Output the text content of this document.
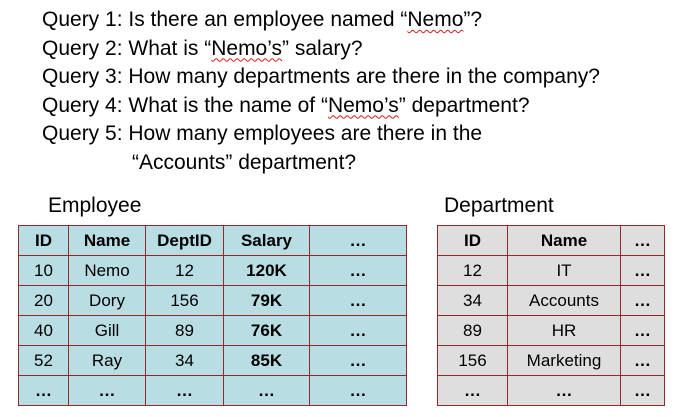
Query 1: Is there an employee named “Nemo”?
Query 2: What is “Nemo’s” salary?
Query 3: How many departments are there in the company?
Query 4: What is the name of “Nemo’s” department?
Query 5: How many employees are there in the
“Accounts” department?
Employee	Department
ID	Name	DeptID	Salary	…
10	Nemo	12	120K	…
20	Dory	156	79K	…
40	Gill	89	76K	…
52	Ray	34	85K	…
…	…	…	…	…
ID	Name	…
12	IT	…
34	Accounts	…
89	HR	…
156	Marketing	…
…	…	…
